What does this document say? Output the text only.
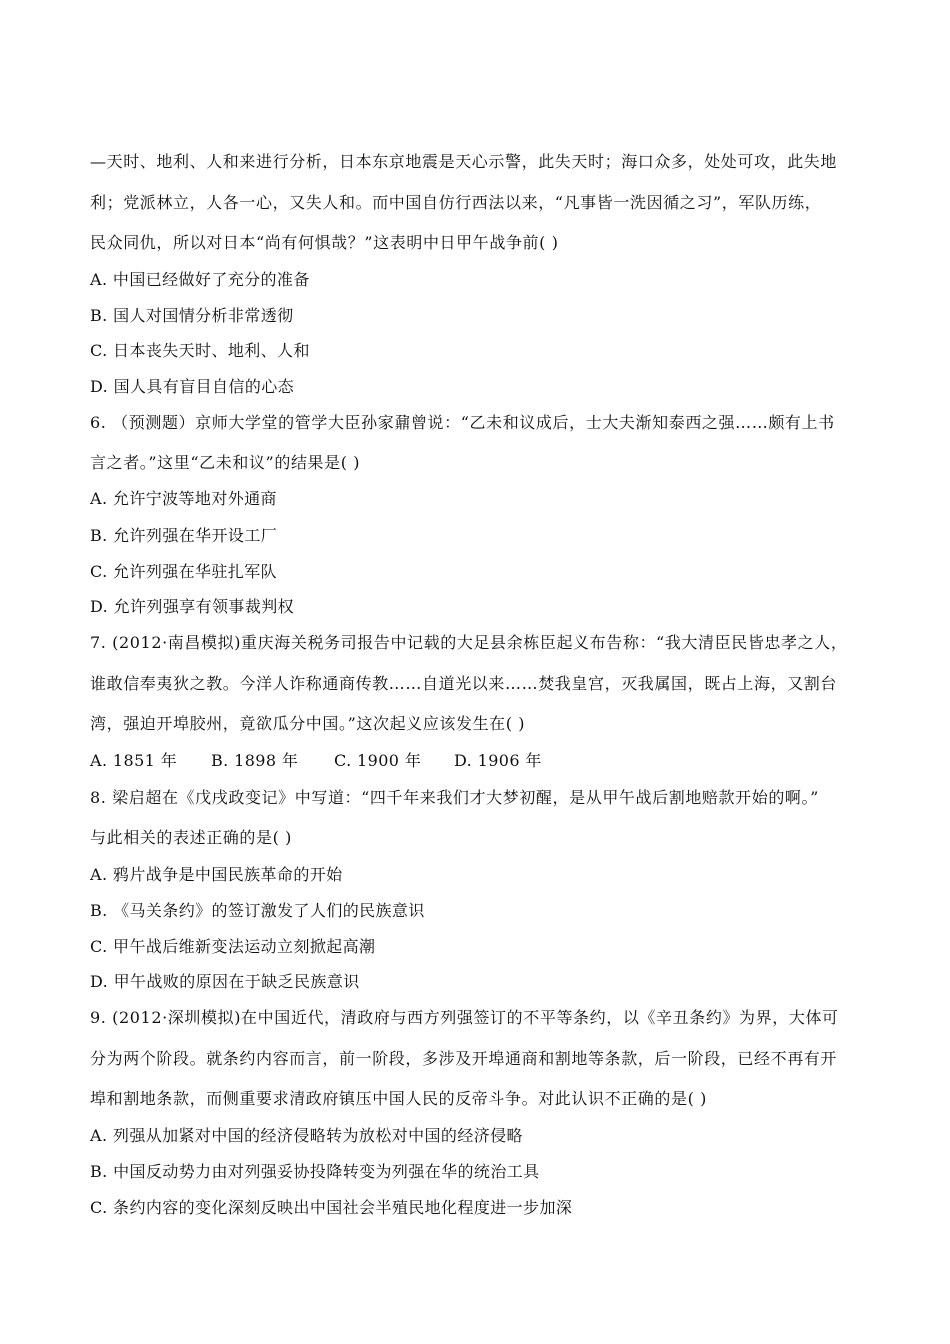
—天时、地利、人和来进行分析，日本东京地震是天心示警，此失天时；海口众多，处处可攻，此失地
利；党派林立，人各一心，又失人和。而中国自仿行西法以来，“凡事皆一洗因循之习”，军队历练，
民众同仇，所以对日本“尚有何惧哉？”这表明中日甲午战争前( )
A. 中国已经做好了充分的准备
B. 国人对国情分析非常透彻
C. 日本丧失天时、地利、人和
D. 国人具有盲目自信的心态
6. （预测题）京师大学堂的管学大臣孙家鼐曾说：“乙未和议成后，士大夫渐知泰西之强……颇有上书
言之者。”这里“乙未和议”的结果是( )
A. 允许宁波等地对外通商
B. 允许列强在华开设工厂
C. 允许列强在华驻扎军队
D. 允许列强享有领事裁判权
7. (2012·南昌模拟)重庆海关税务司报告中记载的大足县余栋臣起义布告称：“我大清臣民皆忠孝之人，
谁敢信奉夷狄之教。今洋人诈称通商传教……自道光以来……焚我皇宫，灭我属国，既占上海，又割台
湾，强迫开埠胶州，竟欲瓜分中国。”这次起义应该发生在( )
A. 1851 年 B. 1898 年 C. 1900 年 D. 1906 年
8. 梁启超在《戊戌政变记》中写道：“四千年来我们才大梦初醒，是从甲午战后割地赔款开始的啊。”
与此相关的表述正确的是( )
A. 鸦片战争是中国民族革命的开始
B. 《马关条约》的签订激发了人们的民族意识
C. 甲午战后维新变法运动立刻掀起高潮
D. 甲午战败的原因在于缺乏民族意识
9. (2012·深圳模拟)在中国近代，清政府与西方列强签订的不平等条约，以《辛丑条约》为界，大体可
分为两个阶段。就条约内容而言，前一阶段，多涉及开埠通商和割地等条款，后一阶段，已经不再有开
埠和割地条款，而侧重要求清政府镇压中国人民的反帝斗争。对此认识不正确的是( )
A. 列强从加紧对中国的经济侵略转为放松对中国的经济侵略
B. 中国反动势力由对列强妥协投降转变为列强在华的统治工具
C. 条约内容的变化深刻反映出中国社会半殖民地化程度进一步加深
